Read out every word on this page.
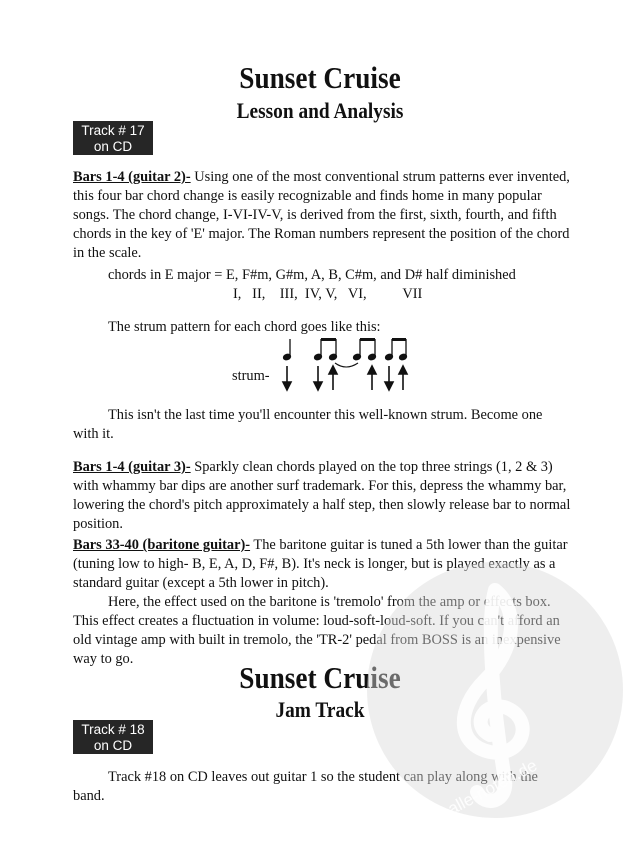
Sunset Cruise
Lesson and Analysis
Track # 17
on CD

Bars 1-4 (guitar 2)- Using one of the most conventional strum patterns ever invented, this four bar chord change is easily recognizable and finds home in many popular songs. The chord change, I-VI-IV-V, is derived from the first, sixth, fourth, and fifth chords in the key of 'E' major. The Roman numbers represent the position of the chord in the scale.

chords in E major = E, F#m, G#m, A, B, C#m, and D# half diminished
I,   II,    III,  IV, V,   VI,          VII

The strum pattern for each chord goes like this:

strum-

This isn't the last time you'll encounter this well-known strum. Become one with it.

Bars 1-4 (guitar 3)- Sparkly clean chords played on the top three strings (1, 2 & 3) with whammy bar dips are another surf trademark. For this, depress the whammy bar, lowering the chord's pitch approximately a half step, then slowly release bar to normal position.

Bars 33-40 (baritone guitar)- The baritone guitar is tuned a 5th lower than the guitar (tuning low to high- B, E, A, D, F#, B). It's neck is longer, but is played exactly as a standard guitar (except a 5th lower in pitch).

Here, the effect used on the baritone is 'tremolo' from the amp or effects box. This effect creates a fluctuation in volume: loud-soft-loud-soft. If you can't afford an old vintage amp with built in tremolo, the 'TR-2' pedal from BOSS is an inexpensive way to go.

Sunset Cruise
Jam Track
Track # 18
on CD

Track #18 on CD leaves out guitar 1 so the student can play along with the band.	alle-noten.de
